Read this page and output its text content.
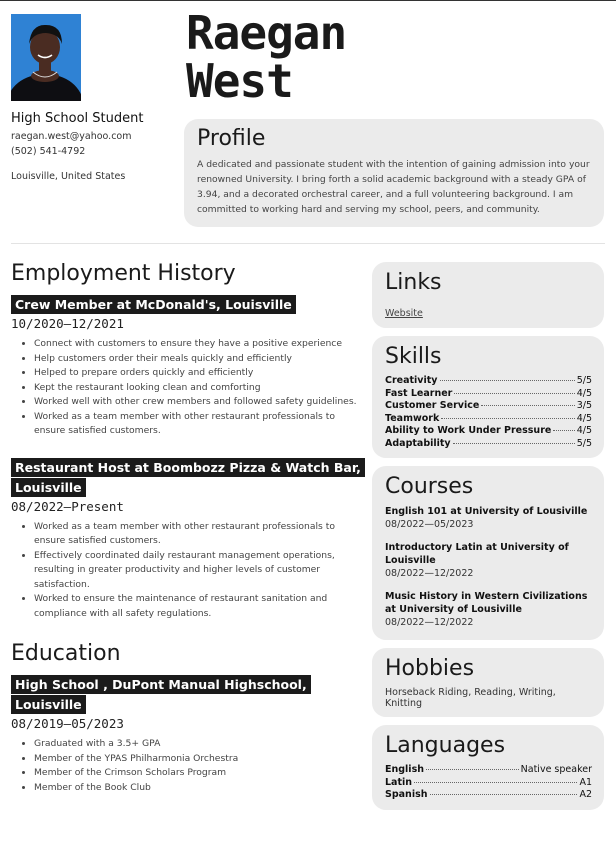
High School Student
raegan.west@yahoo.com
(502) 541-4792
Louisville, United States
Raegan
West
Profile

A dedicated and passionate student with the intention of gaining admission into your renowned University. I bring forth a solid academic background with a steady GPA of 3.94, and a decorated orchestral career, and a full volunteering background. I am committed to working hard and serving my school, peers, and community.

Employment History
Crew Member at McDonald's, Louisville
10/2020—12/2021
• Connect with customers to ensure they have a positive experience
• Help customers order their meals quickly and efficiently
• Helped to prepare orders quickly and efficiently
• Kept the restaurant looking clean and comforting
• Worked well with other crew members and followed safety guidelines.
• Worked as a team member with other restaurant professionals to ensure satisfied customers.
Restaurant Host at Boombozz Pizza & Watch Bar, Louisville
08/2022—Present
• Worked as a team member with other restaurant professionals to ensure satisfied customers.
• Effectively coordinated daily restaurant management operations, resulting in greater productivity and higher levels of customer satisfaction.
• Worked to ensure the maintenance of restaurant sanitation and compliance with all safety regulations.
Education
High School , DuPont Manual Highschool, Louisville
08/2019—05/2023
• Graduated with a 3.5+ GPA
• Member of the YPAS Philharmonia Orchestra
• Member of the Crimson Scholars Program
• Member of the Book Club
Links
Website
Skills
Creativity	5/5
Fast Learner	4/5
Customer Service	3/5
Teamwork	4/5
Ability to Work Under Pressure	4/5
Adaptability	5/5
Courses
English 101 at University of Lousiville
08/2022—05/2023
Introductory Latin at University of Louisville
08/2022—12/2022
Music History in Western Civilizations at University of Lousiville
08/2022—12/2022
Hobbies
Horseback Riding, Reading, Writing, Knitting
Languages
English	Native speaker
Latin	A1
Spanish	A2
